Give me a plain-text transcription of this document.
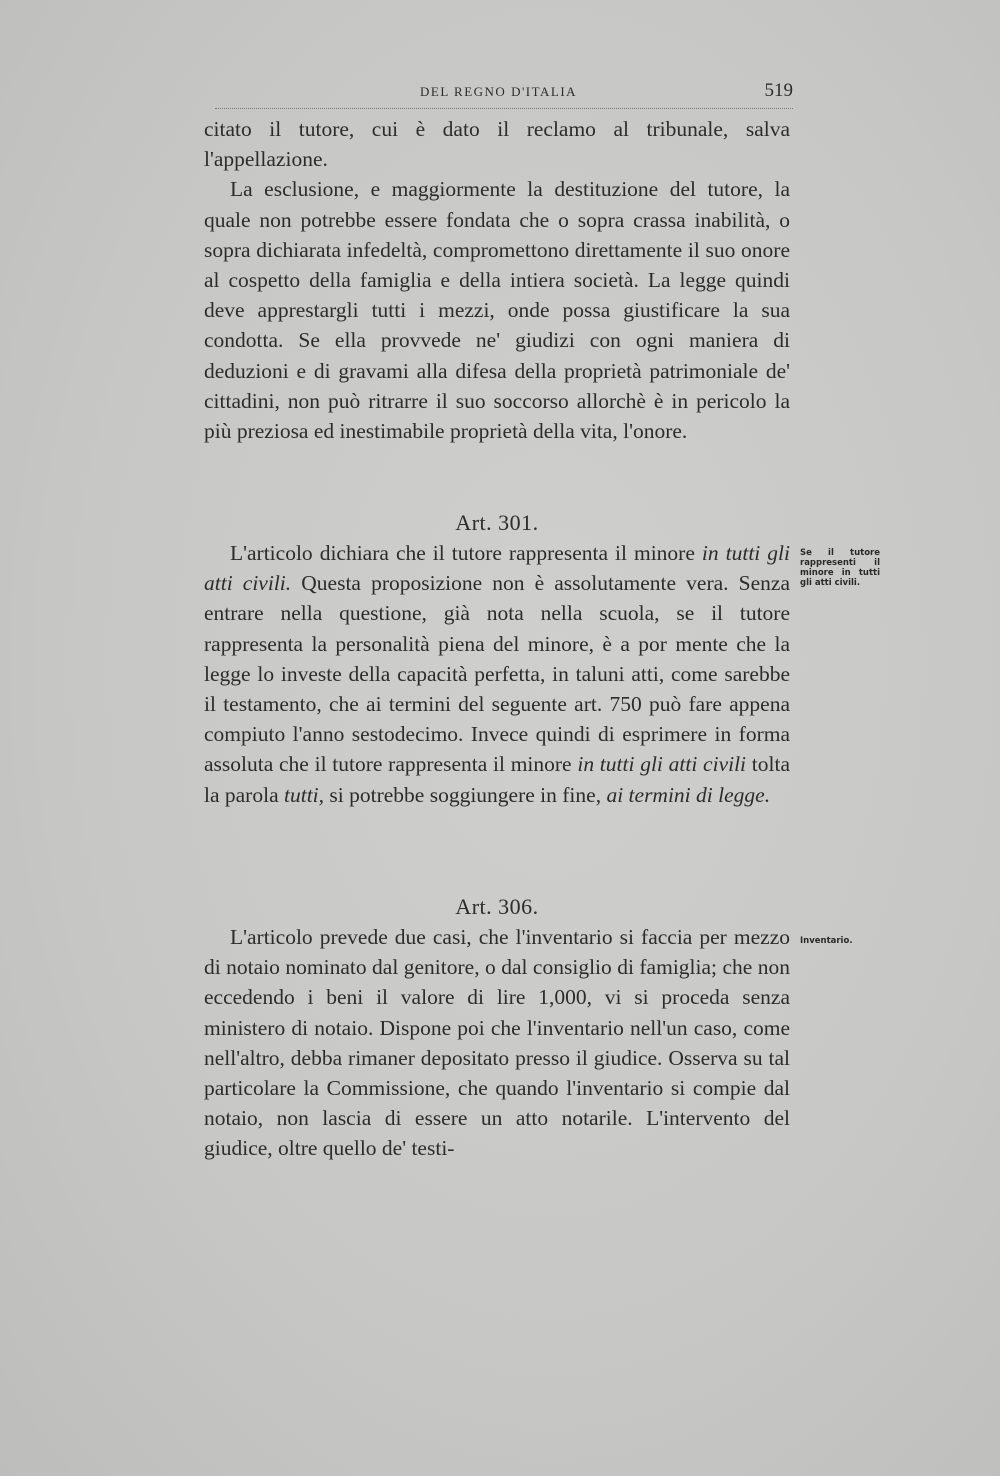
DEL REGNO D'ITALIA	519

citato il tutore, cui è dato il reclamo al tribunale, salva l'appellazione.

La esclusione, e maggiormente la destituzione del tutore, la quale non potrebbe essere fondata che o sopra crassa inabilità, o sopra dichiarata infedeltà, compromettono direttamente il suo onore al cospetto della famiglia e della intiera società. La legge quindi deve apprestargli tutti i mezzi, onde possa giustificare la sua condotta. Se ella provvede ne' giudizi con ogni maniera di deduzioni e di gravami alla difesa della proprietà patrimoniale de' cittadini, non può ritrarre il suo soccorso allorchè è in pericolo la più preziosa ed inestimabile proprietà della vita, l'onore.

Art. 301.

L'articolo dichiara che il tutore rappresenta il minore in tutti gli atti civili. Questa proposizione non è assolutamente vera. Senza entrare nella questione, già nota nella scuola, se il tutore rappresenta la personalità piena del minore, è a por mente che la legge lo investe della capacità perfetta, in taluni atti, come sarebbe il testamento, che ai termini del seguente art. 750 può fare appena compiuto l'anno sestodecimo. Invece quindi di esprimere in forma assoluta che il tutore rappresenta il minore in tutti gli atti civili tolta la parola tutti, si potrebbe soggiungere in fine, ai termini di legge.

Se il tutore rappresenti il minore in tutti gli atti civili.

Art. 306.

L'articolo prevede due casi, che l'inventario si faccia per mezzo di notaio nominato dal genitore, o dal consiglio di famiglia; che non eccedendo i beni il valore di lire 1,000, vi si proceda senza ministero di notaio. Dispone poi che l'inventario nell'un caso, come nell'altro, debba rimaner depositato presso il giudice. Osserva su tal particolare la Commissione, che quando l'inventario si compie dal notaio, non lascia di essere un atto notarile. L'intervento del giudice, oltre quello de' testi-

Inventario.
